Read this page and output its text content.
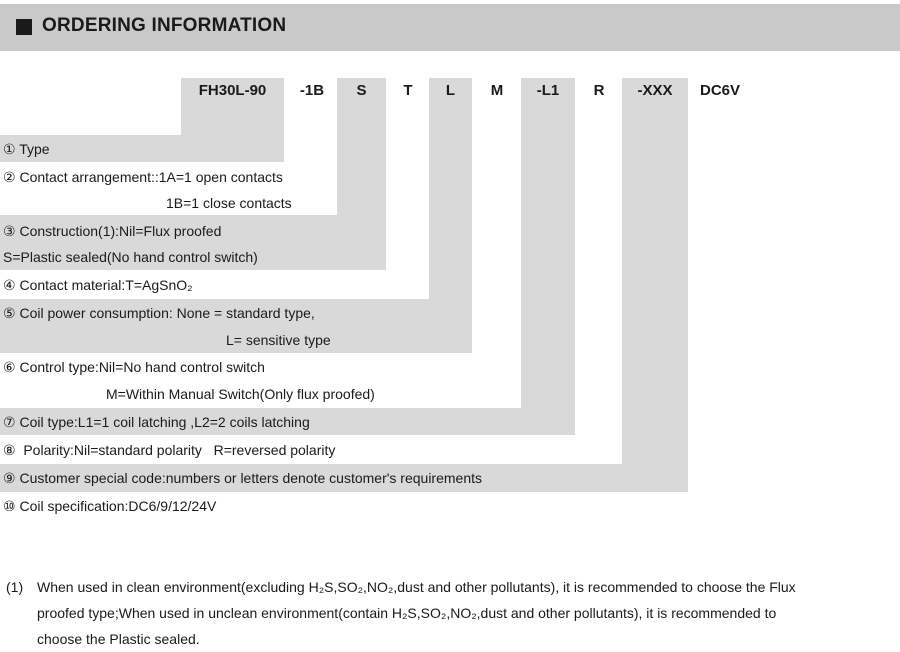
ORDERING INFORMATION
FH30L-90	-1B	S	T	L	M	-L1	R	-XXX	DC6V
① Type
② Contact arrangement::1A=1 open contacts
1B=1 close contacts
③ Construction(1):Nil=Flux proofed
S=Plastic sealed(No hand control switch)
④ Contact material:T=AgSnO₂
⑤ Coil power consumption: None = standard type,
L= sensitive type
⑥ Control type:Nil=No hand control switch
M=Within Manual Switch(Only flux proofed)
⑦ Coil type:L1=1 coil latching ,L2=2 coils latching
⑧  Polarity:Nil=standard polarity   R=reversed polarity
⑨ Customer special code:numbers or letters denote customer's requirements
⑩ Coil specification:DC6/9/12/24V
(1) When used in clean environment(excluding H₂S,SO₂,NO₂,dust and other pollutants), it is recommended to choose the Flux

proofed type;When used in unclean environment(contain H₂S,SO₂,NO₂,dust and other pollutants), it is recommended to

choose the Plastic sealed.
